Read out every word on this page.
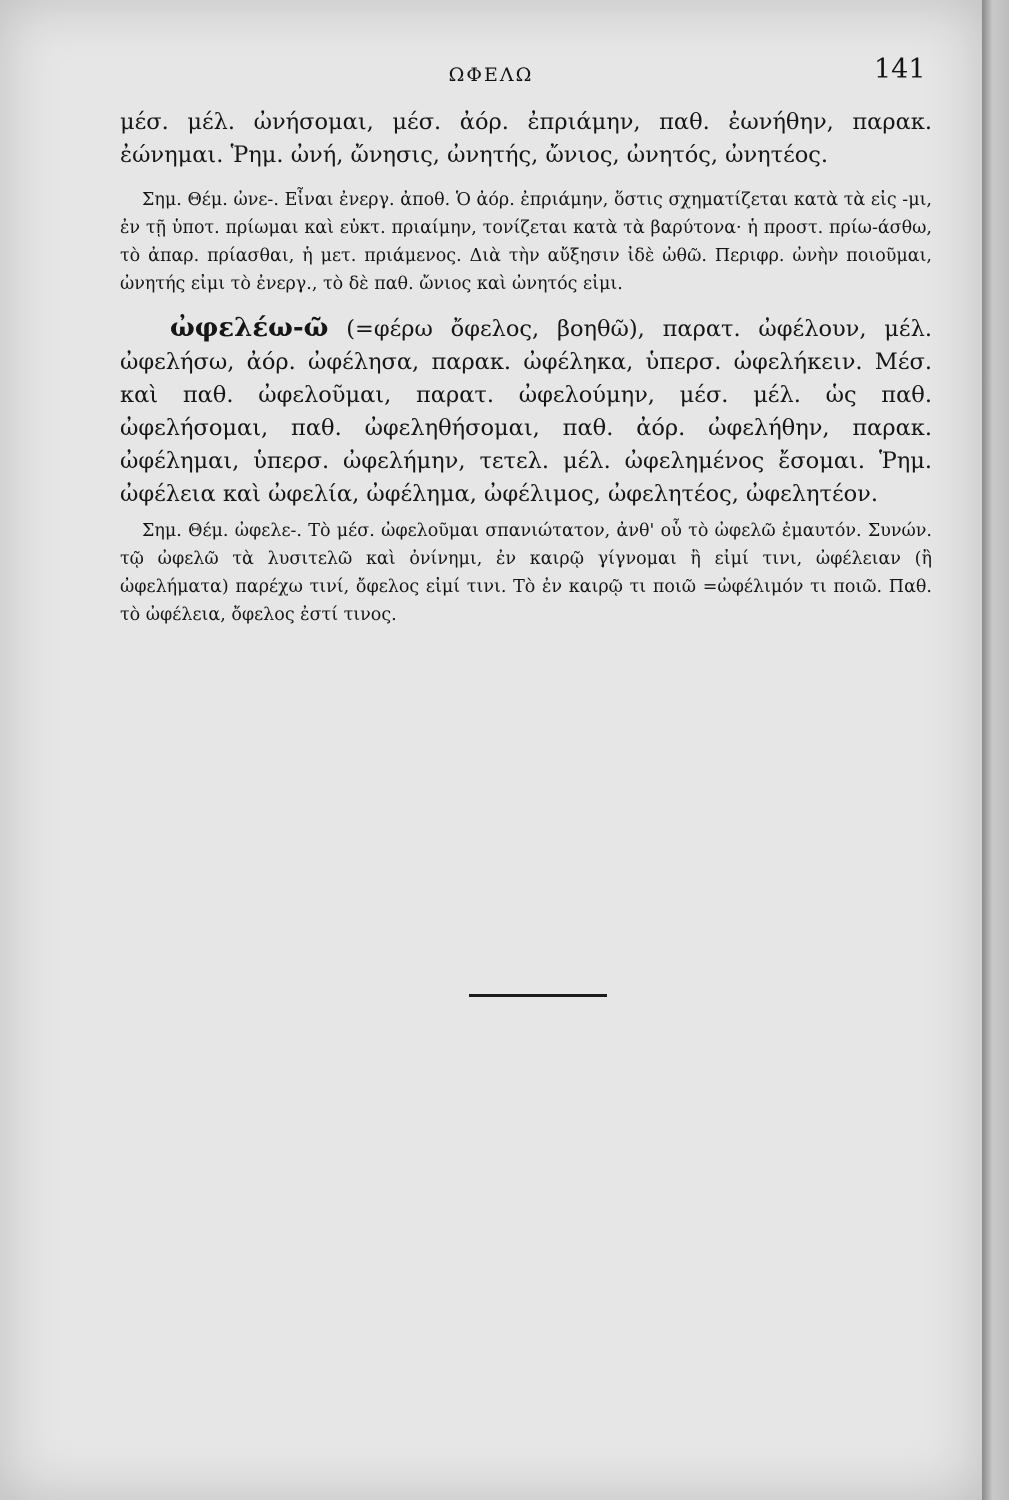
ΩΦΕΛΩ	141

μέσ. μέλ. ὠνήσομαι, μέσ. ἀόρ. ἐπριάμην, παθ. ἐωνήθην, παρακ. ἐώνημαι. Ῥημ. ὠνή, ὤνησις, ὠνητής, ὤνιος, ὠνητός, ὠνητέος.

Σημ. Θέμ. ὠνε-. Εἶναι ἐνεργ. ἀποθ. Ὁ ἀόρ. ἐπριάμην, ὅστις σχηματίζεται κατὰ τὰ εἰς -μι, ἐν τῇ ὑποτ. πρίωμαι καὶ εὐκτ. πριαίμην, τονίζεται κατὰ τὰ βαρύτονα· ἡ προστ. πρίω-άσθω, τὸ ἀπαρ. πρίασθαι, ἡ μετ. πριάμενος. Διὰ τὴν αὔξησιν ἰδὲ ὠθῶ. Περιφρ. ὠνὴν ποιοῦμαι, ὠνητής εἰμι τὸ ἐνεργ., τὸ δὲ παθ. ὤνιος καὶ ὠνητός εἰμι.

ὠφελέω-ῶ (=φέρω ὄφελος, βοηθῶ), παρατ. ὠφέλουν, μέλ. ὠφελήσω, ἀόρ. ὠφέλησα, παρακ. ὠφέληκα, ὑπερσ. ὠφελήκειν. Μέσ. καὶ παθ. ὠφελοῦμαι, παρατ. ὠφελούμην, μέσ. μέλ. ὡς παθ. ὠφελήσομαι, παθ. ὠφεληθήσομαι, παθ. ἀόρ. ὠφελήθην, παρακ. ὠφέλημαι, ὑπερσ. ὠφελήμην, τετελ. μέλ. ὠφελημένος ἔσομαι. Ῥημ. ὠφέλεια καὶ ὠφελία, ὠφέλημα, ὠφέλιμος, ὠφελητέος, ὠφελητέον.

Σημ. Θέμ. ὠφελε-. Τὸ μέσ. ὠφελοῦμαι σπανιώτατον, ἀνθ' οὗ τὸ ὠφελῶ ἐμαυτόν. Συνών. τῷ ὠφελῶ τὰ λυσιτελῶ καὶ ὀνίνημι, ἐν καιρῷ γίγνομαι ἢ εἰμί τινι, ὠφέλειαν (ἢ ὠφελήματα) παρέχω τινί, ὄφελος εἰμί τινι. Τὸ ἐν καιρῷ τι ποιῶ =ὠφέλιμόν τι ποιῶ. Παθ. τὸ ὠφέλεια, ὄφελος ἐστί τινος.
